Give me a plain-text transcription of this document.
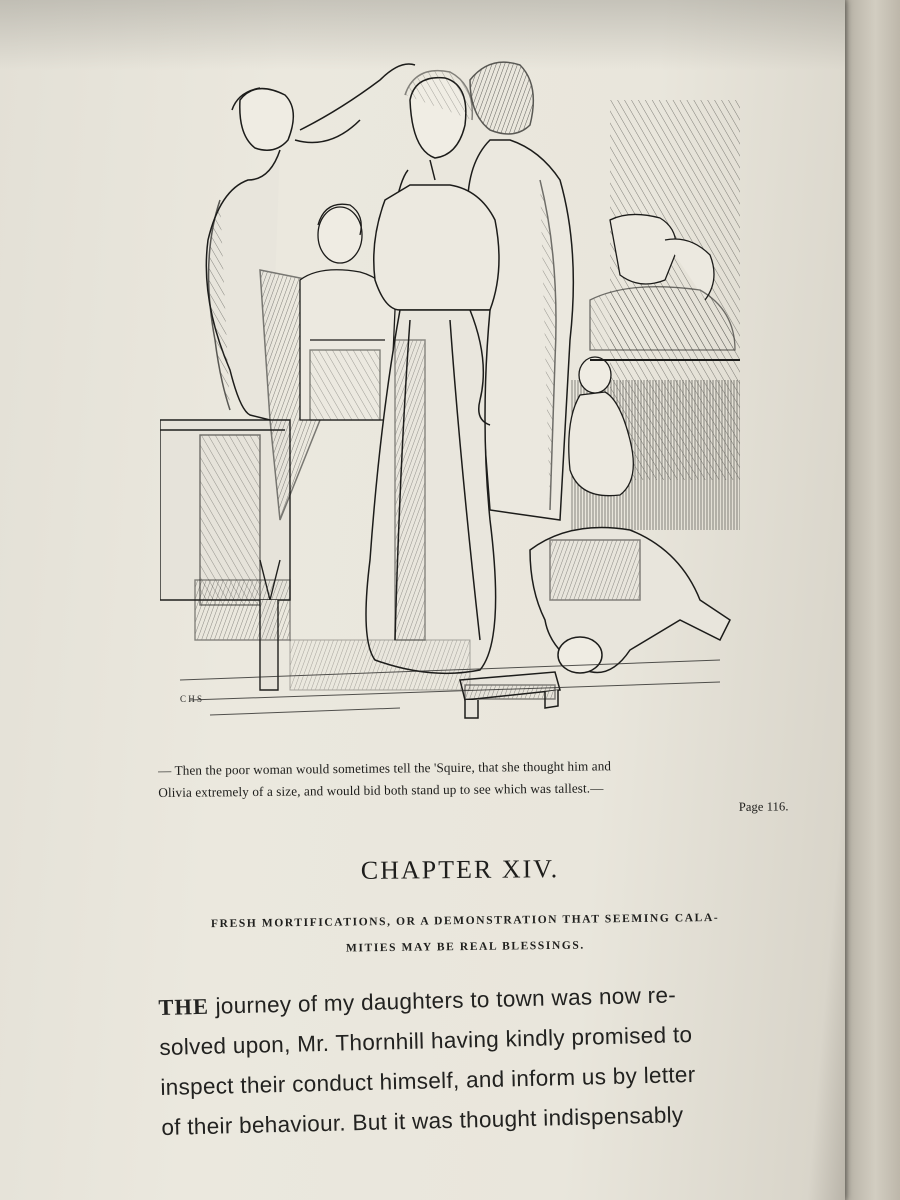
C H S
— Then the poor woman would sometimes tell the 'Squire, that she thought him and
Olivia extremely of a size, and would bid both stand up to see which was tallest.—
Page 116.
CHAPTER XIV.
FRESH MORTIFICATIONS, OR A DEMONSTRATION THAT SEEMING CALA-
MITIES MAY BE REAL BLESSINGS.
THE journey of my daughters to town was now re-
solved upon, Mr. Thornhill having kindly promised to
inspect their conduct himself, and inform us by letter
of their behaviour. But it was thought indispensably
